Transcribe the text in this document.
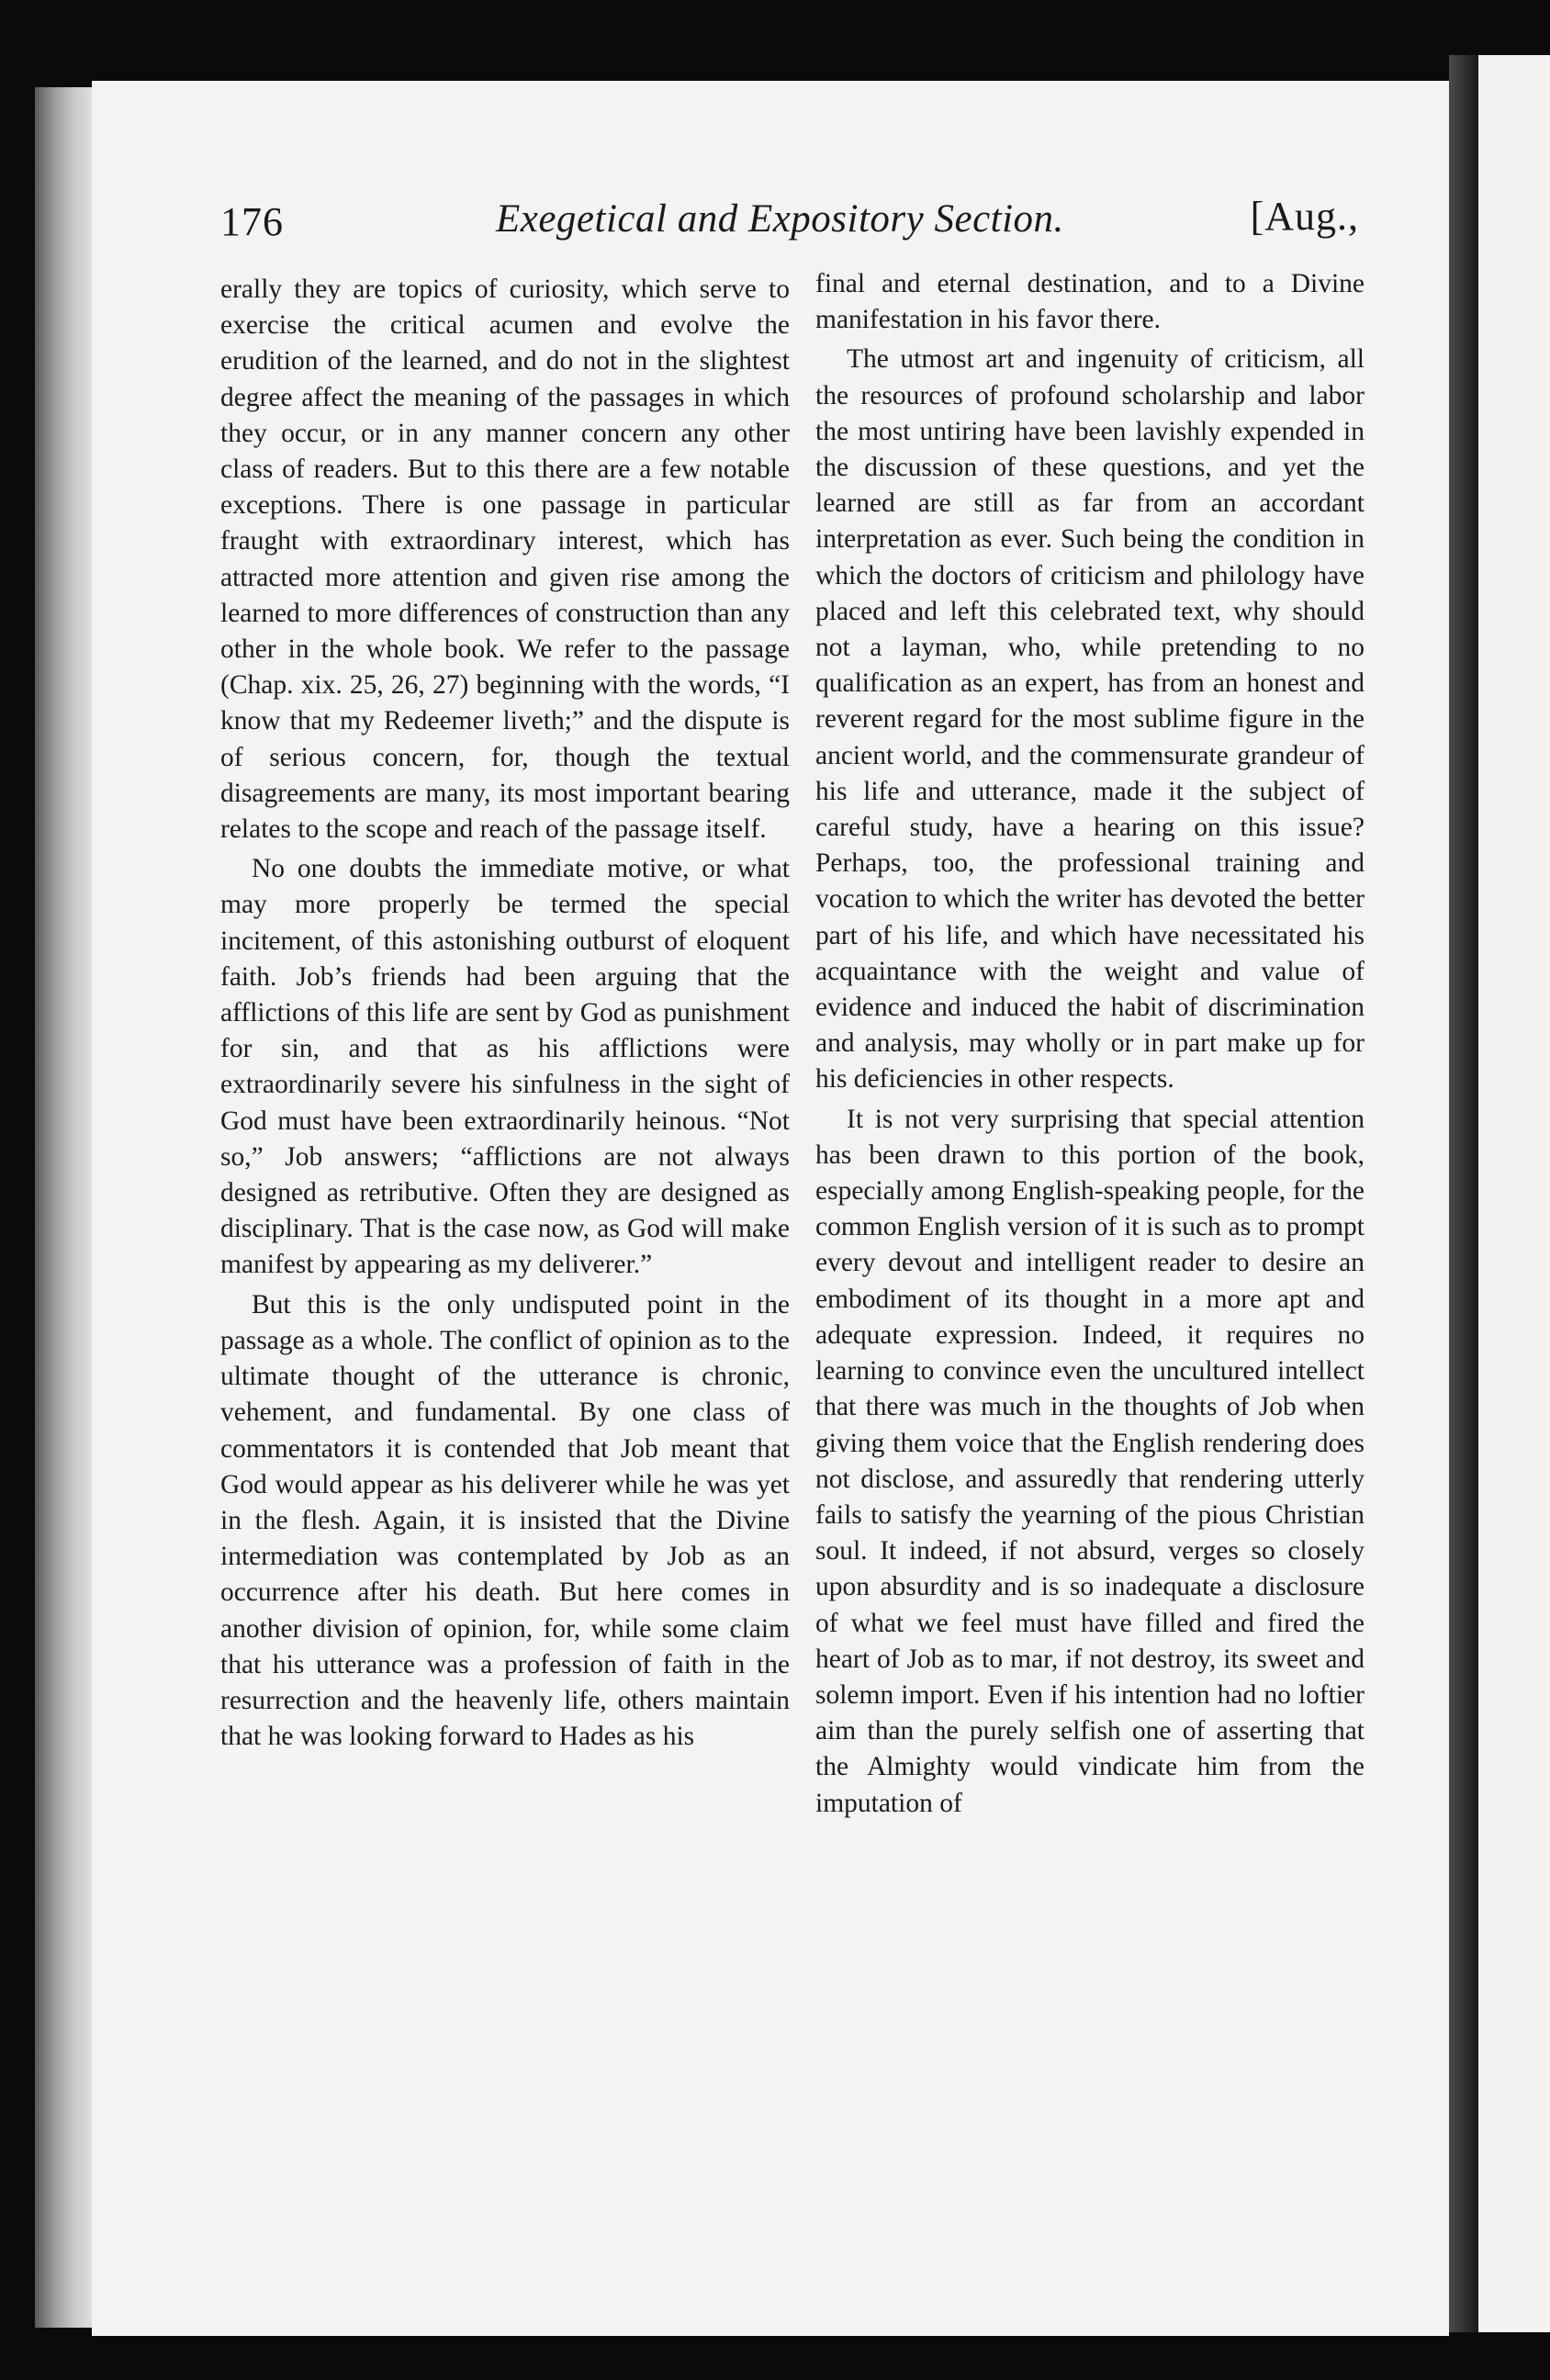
176	Exegetical and Expository Section.	[Aug.,

erally they are topics of curiosity, which serve to exercise the critical acumen and evolve the erudition of the learned, and do not in the slightest degree affect the meaning of the passages in which they occur, or in any manner concern any other class of readers. But to this there are a few notable exceptions. There is one passage in particular fraught with extraordinary interest, which has attracted more attention and given rise among the learned to more differences of construction than any other in the whole book. We refer to the passage (Chap. xix. 25, 26, 27) beginning with the words, “I know that my Redeemer liveth;” and the dispute is of serious concern, for, though the textual disagreements are many, its most important bearing relates to the scope and reach of the passage itself.

No one doubts the immediate motive, or what may more properly be termed the special incitement, of this astonishing outburst of eloquent faith. Job’s friends had been arguing that the afflictions of this life are sent by God as punishment for sin, and that as his afflictions were extraordinarily severe his sinfulness in the sight of God must have been extraordinarily heinous. “Not so,” Job answers; “afflictions are not always designed as retributive. Often they are designed as disciplinary. That is the case now, as God will make manifest by appearing as my deliverer.”

But this is the only undisputed point in the passage as a whole. The conflict of opinion as to the ultimate thought of the utterance is chronic, vehement, and fundamental. By one class of commentators it is contended that Job meant that God would appear as his deliverer while he was yet in the flesh. Again, it is insisted that the Divine intermediation was contemplated by Job as an occurrence after his death. But here comes in another division of opinion, for, while some claim that his utterance was a profession of faith in the resurrection and the heavenly life, others maintain that he was looking forward to Hades as his

final and eternal destination, and to a Divine manifestation in his favor there.

The utmost art and ingenuity of criticism, all the resources of profound scholarship and labor the most untiring have been lavishly expended in the discussion of these questions, and yet the learned are still as far from an accordant interpretation as ever. Such being the condition in which the doctors of criticism and philology have placed and left this celebrated text, why should not a layman, who, while pretending to no qualification as an expert, has from an honest and reverent regard for the most sublime figure in the ancient world, and the commensurate grandeur of his life and utterance, made it the subject of careful study, have a hearing on this issue? Perhaps, too, the professional training and vocation to which the writer has devoted the better part of his life, and which have necessitated his acquaintance with the weight and value of evidence and induced the habit of discrimination and analysis, may wholly or in part make up for his deficiencies in other respects.

It is not very surprising that special attention has been drawn to this portion of the book, especially among English-speaking people, for the common English version of it is such as to prompt every devout and intelligent reader to desire an embodiment of its thought in a more apt and adequate expression. Indeed, it requires no learning to convince even the uncultured intellect that there was much in the thoughts of Job when giving them voice that the English rendering does not disclose, and assuredly that rendering utterly fails to satisfy the yearning of the pious Christian soul. It indeed, if not absurd, verges so closely upon absurdity and is so inadequate a disclosure of what we feel must have filled and fired the heart of Job as to mar, if not destroy, its sweet and solemn import. Even if his intention had no loftier aim than the purely selfish one of asserting that the Almighty would vindicate him from the imputation of
